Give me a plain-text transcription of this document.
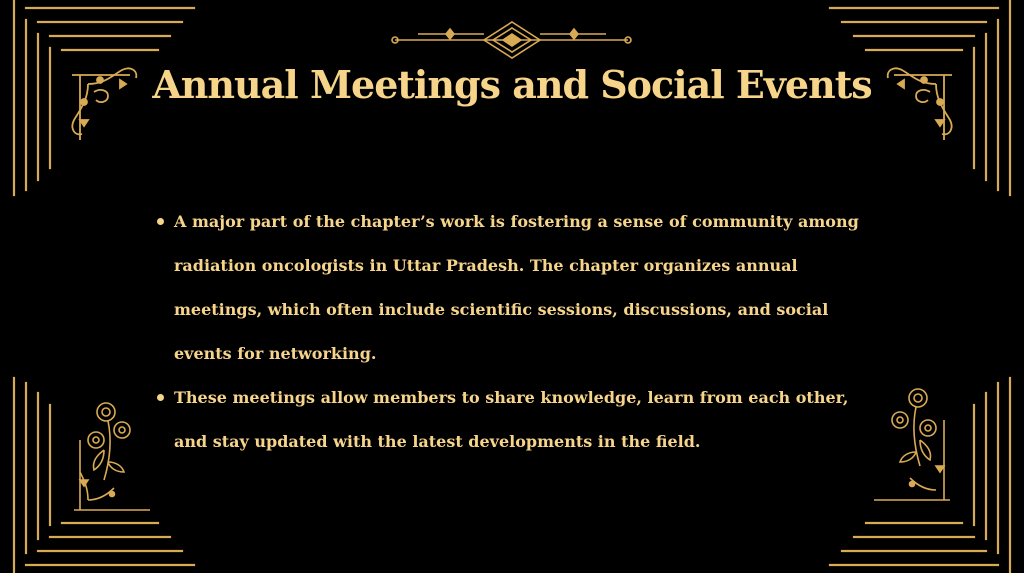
Annual Meetings and Social Events
A major part of the chapter’s work is fostering a sense of community among radiation oncologists in Uttar Pradesh. The chapter organizes annual meetings, which often include scientific sessions, discussions, and social events for networking.
These meetings allow members to share knowledge, learn from each other, and stay updated with the latest developments in the field.
